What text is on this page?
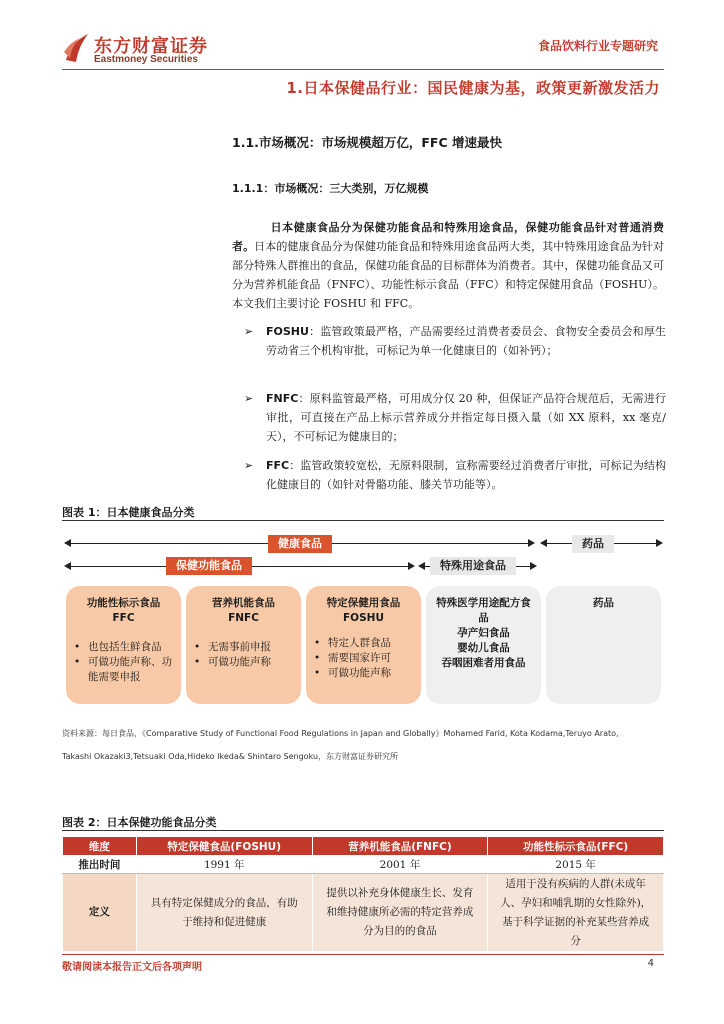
东方财富证券
Eastmoney Securities
食品饮料行业专题研究
1.日本保健品行业：国民健康为基，政策更新激发活力
1.1.市场概况：市场规模超万亿，FFC 增速最快
1.1.1：市场概况：三大类别，万亿规模
日本健康食品分为保健功能食品和特殊用途食品，保健功能食品针对普通消费者。日本的健康食品分为保健功能食品和特殊用途食品两大类，其中特殊用途食品为针对部分特殊人群推出的食品，保健功能食品的目标群体为消费者。其中，保健功能食品又可分为营养机能食品（FNFC）、功能性标示食品（FFC）和特定保健用食品（FOSHU）。本文我们主要讨论 FOSHU 和 FFC。
➢ FOSHU：监管政策最严格，产品需要经过消费者委员会、食物安全委员会和厚生劳动省三个机构审批，可标记为单一化健康目的（如补钙）；
➢ FNFC：原料监管最严格，可用成分仅 20 种，但保证产品符合规范后，无需进行审批，可直接在产品上标示营养成分并指定每日摄入量（如 XX 原料，xx 毫克/天），不可标记为健康目的；
➢ FFC：监管政策较宽松，无原料限制，宣称需要经过消费者厅审批，可标记为结构化健康目的（如针对骨骼功能、膝关节功能等）。
图表 1：日本健康食品分类
健康食品	药品
保健功能食品	特殊用途食品
功能性标示食品
FFC
• 也包括生鲜食品
• 可做功能声称、功能需要申报
营养机能食品
FNFC
• 无需事前申报
• 可做功能声称
特定保健用食品
FOSHU
• 特定人群食品
• 需要国家许可
• 可做功能声称
特殊医学用途配方食品
孕产妇食品
婴幼儿食品
吞咽困难者用食品
药品
资料来源：每日食品，《Comparative Study of Functional Food Regulations in Japan and Globally》Mohamed Farid, Kota Kodama,Teruyo Arato,
Takashi Okazaki3,Tetsuaki Oda,Hideko Ikeda& Shintaro Sengoku，东方财富证券研究所
图表 2：日本保健功能食品分类
维度	特定保健食品(FOSHU)	营养机能食品(FNFC)	功能性标示食品(FFC)
推出时间	1991 年	2001 年	2015 年
定义	具有特定保健成分的食品，有助于维持和促进健康	提供以补充身体健康生长、发育和维持健康所必需的特定营养成分为目的的食品	适用于没有疾病的人群(未成年人、孕妇和哺乳期的女性除外)，基于科学证据的补充某些营养成分
敬请阅读本报告正文后各项声明	4
